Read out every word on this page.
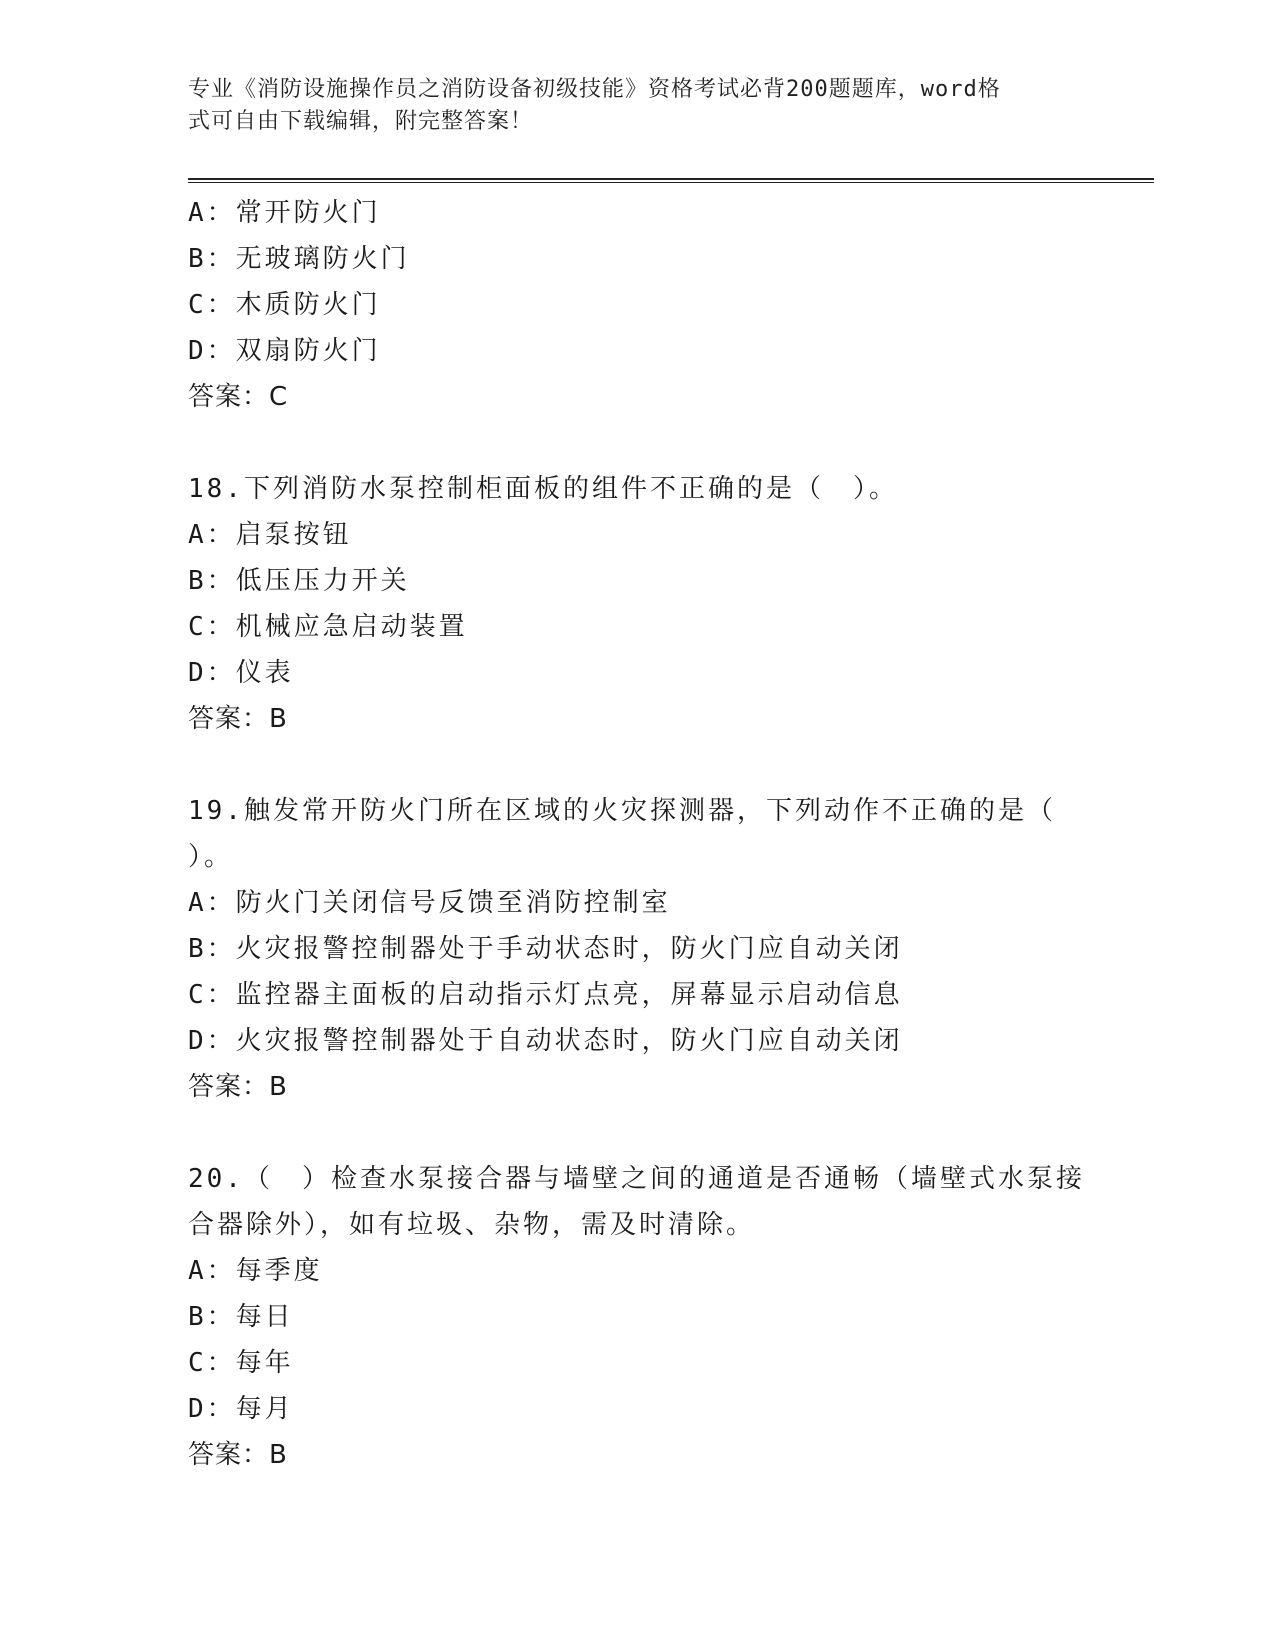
专业《消防设施操作员之消防设备初级技能》资格考试必背200题题库，word格
式可自由下载编辑，附完整答案！
A：常开防火门
B：无玻璃防火门
C：木质防火门
D：双扇防火门
答案：C
18.下列消防水泵控制柜面板的组件不正确的是（　）。
A：启泵按钮
B：低压压力开关
C：机械应急启动装置
D：仪表
答案：B
19.触发常开防火门所在区域的火灾探测器，下列动作不正确的是（
）。
A：防火门关闭信号反馈至消防控制室
B：火灾报警控制器处于手动状态时，防火门应自动关闭
C：监控器主面板的启动指示灯点亮，屏幕显示启动信息
D：火灾报警控制器处于自动状态时，防火门应自动关闭
答案：B
20.（　）检查水泵接合器与墙壁之间的通道是否通畅（墙壁式水泵接
合器除外），如有垃圾、杂物，需及时清除。
A：每季度
B：每日
C：每年
D：每月
答案：B
